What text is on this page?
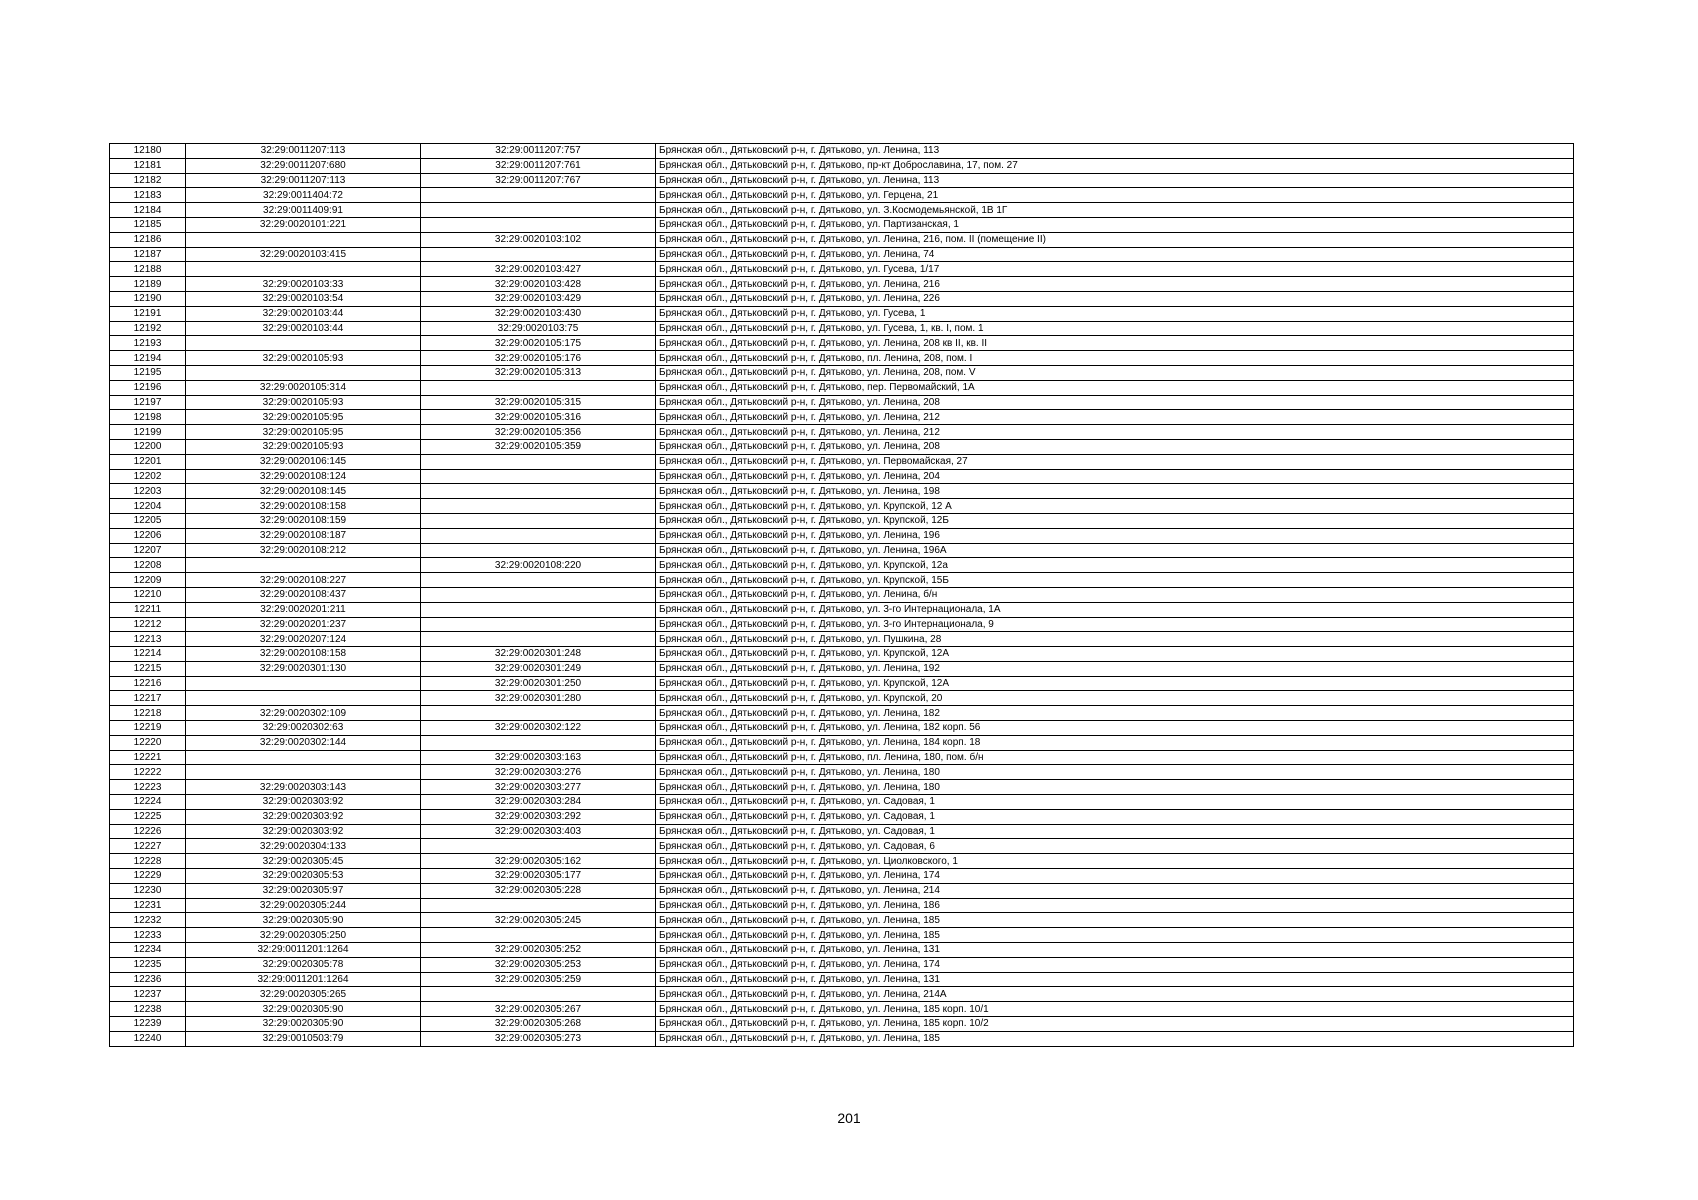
12180	32:29:0011207:113	32:29:0011207:757	Брянская обл., Дятьковский р-н, г. Дятьково, ул. Ленина, 113
12181	32:29:0011207:680	32:29:0011207:761	Брянская обл., Дятьковский р-н, г. Дятьково, пр-кт Доброславина, 17, пом. 27
12182	32:29:0011207:113	32:29:0011207:767	Брянская обл., Дятьковский р-н, г. Дятьково, ул. Ленина, 113
12183	32:29:0011404:72		Брянская обл., Дятьковский р-н, г. Дятьково, ул. Герцена, 21
12184	32:29:0011409:91		Брянская обл., Дятьковский р-н, г. Дятьково, ул. З.Космодемьянской, 1В 1Г
12185	32:29:0020101:221		Брянская обл., Дятьковский р-н, г. Дятьково, ул. Партизанская, 1
12186		32:29:0020103:102	Брянская обл., Дятьковский р-н, г. Дятьково, ул. Ленина, 216, пом. II (помещение II)
12187	32:29:0020103:415		Брянская обл., Дятьковский р-н, г. Дятьково, ул. Ленина, 74
12188		32:29:0020103:427	Брянская обл., Дятьковский р-н, г. Дятьково, ул. Гусева, 1/17
12189	32:29:0020103:33	32:29:0020103:428	Брянская обл., Дятьковский р-н, г. Дятьково, ул. Ленина, 216
12190	32:29:0020103:54	32:29:0020103:429	Брянская обл., Дятьковский р-н, г. Дятьково, ул. Ленина, 226
12191	32:29:0020103:44	32:29:0020103:430	Брянская обл., Дятьковский р-н, г. Дятьково, ул. Гусева, 1
12192	32:29:0020103:44	32:29:0020103:75	Брянская обл., Дятьковский р-н, г. Дятьково, ул. Гусева, 1, кв. I, пом. 1
12193		32:29:0020105:175	Брянская обл., Дятьковский р-н, г. Дятьково, ул. Ленина, 208 кв II, кв. II
12194	32:29:0020105:93	32:29:0020105:176	Брянская обл., Дятьковский р-н, г. Дятьково, пл. Ленина, 208, пом. I
12195		32:29:0020105:313	Брянская обл., Дятьковский р-н, г. Дятьково, ул. Ленина, 208, пом. V
12196	32:29:0020105:314		Брянская обл., Дятьковский р-н, г. Дятьково, пер. Первомайский, 1А
12197	32:29:0020105:93	32:29:0020105:315	Брянская обл., Дятьковский р-н, г. Дятьково, ул. Ленина, 208
12198	32:29:0020105:95	32:29:0020105:316	Брянская обл., Дятьковский р-н, г. Дятьково, ул. Ленина, 212
12199	32:29:0020105:95	32:29:0020105:356	Брянская обл., Дятьковский р-н, г. Дятьково, ул. Ленина, 212
12200	32:29:0020105:93	32:29:0020105:359	Брянская обл., Дятьковский р-н, г. Дятьково, ул. Ленина, 208
12201	32:29:0020106:145		Брянская обл., Дятьковский р-н, г. Дятьково, ул. Первомайская, 27
12202	32:29:0020108:124		Брянская обл., Дятьковский р-н, г. Дятьково, ул. Ленина, 204
12203	32:29:0020108:145		Брянская обл., Дятьковский р-н, г. Дятьково, ул. Ленина, 198
12204	32:29:0020108:158		Брянская обл., Дятьковский р-н, г. Дятьково, ул. Крупской, 12 А
12205	32:29:0020108:159		Брянская обл., Дятьковский р-н, г. Дятьково, ул. Крупской, 12Б
12206	32:29:0020108:187		Брянская обл., Дятьковский р-н, г. Дятьково, ул. Ленина, 196
12207	32:29:0020108:212		Брянская обл., Дятьковский р-н, г. Дятьково, ул. Ленина, 196А
12208		32:29:0020108:220	Брянская обл., Дятьковский р-н, г. Дятьково, ул. Крупской, 12а
12209	32:29:0020108:227		Брянская обл., Дятьковский р-н, г. Дятьково, ул. Крупской, 15Б
12210	32:29:0020108:437		Брянская обл., Дятьковский р-н, г. Дятьково, ул. Ленина, б/н
12211	32:29:0020201:211		Брянская обл., Дятьковский р-н, г. Дятьково, ул. 3-го Интернационала, 1А
12212	32:29:0020201:237		Брянская обл., Дятьковский р-н, г. Дятьково, ул. 3-го Интернационала, 9
12213	32:29:0020207:124		Брянская обл., Дятьковский р-н, г. Дятьково, ул. Пушкина, 28
12214	32:29:0020108:158	32:29:0020301:248	Брянская обл., Дятьковский р-н, г. Дятьково, ул. Крупской, 12А
12215	32:29:0020301:130	32:29:0020301:249	Брянская обл., Дятьковский р-н, г. Дятьково, ул. Ленина, 192
12216		32:29:0020301:250	Брянская обл., Дятьковский р-н, г. Дятьково, ул. Крупской, 12А
12217		32:29:0020301:280	Брянская обл., Дятьковский р-н, г. Дятьково, ул. Крупской, 20
12218	32:29:0020302:109		Брянская обл., Дятьковский р-н, г. Дятьково, ул. Ленина, 182
12219	32:29:0020302:63	32:29:0020302:122	Брянская обл., Дятьковский р-н, г. Дятьково, ул. Ленина, 182 корп. 56
12220	32:29:0020302:144		Брянская обл., Дятьковский р-н, г. Дятьково, ул. Ленина, 184 корп. 18
12221		32:29:0020303:163	Брянская обл., Дятьковский р-н, г. Дятьково, пл. Ленина, 180, пом. б/н
12222		32:29:0020303:276	Брянская обл., Дятьковский р-н, г. Дятьково, ул. Ленина, 180
12223	32:29:0020303:143	32:29:0020303:277	Брянская обл., Дятьковский р-н, г. Дятьково, ул. Ленина, 180
12224	32:29:0020303:92	32:29:0020303:284	Брянская обл., Дятьковский р-н, г. Дятьково, ул. Садовая, 1
12225	32:29:0020303:92	32:29:0020303:292	Брянская обл., Дятьковский р-н, г. Дятьково, ул. Садовая, 1
12226	32:29:0020303:92	32:29:0020303:403	Брянская обл., Дятьковский р-н, г. Дятьково, ул. Садовая, 1
12227	32:29:0020304:133		Брянская обл., Дятьковский р-н, г. Дятьково, ул. Садовая, 6
12228	32:29:0020305:45	32:29:0020305:162	Брянская обл., Дятьковский р-н, г. Дятьково, ул. Циолковского, 1
12229	32:29:0020305:53	32:29:0020305:177	Брянская обл., Дятьковский р-н, г. Дятьково, ул. Ленина, 174
12230	32:29:0020305:97	32:29:0020305:228	Брянская обл., Дятьковский р-н, г. Дятьково, ул. Ленина, 214
12231	32:29:0020305:244		Брянская обл., Дятьковский р-н, г. Дятьково, ул. Ленина, 186
12232	32:29:0020305:90	32:29:0020305:245	Брянская обл., Дятьковский р-н, г. Дятьково, ул. Ленина, 185
12233	32:29:0020305:250		Брянская обл., Дятьковский р-н, г. Дятьково, ул. Ленина, 185
12234	32:29:0011201:1264	32:29:0020305:252	Брянская обл., Дятьковский р-н, г. Дятьково, ул. Ленина, 131
12235	32:29:0020305:78	32:29:0020305:253	Брянская обл., Дятьковский р-н, г. Дятьково, ул. Ленина, 174
12236	32:29:0011201:1264	32:29:0020305:259	Брянская обл., Дятьковский р-н, г. Дятьково, ул. Ленина, 131
12237	32:29:0020305:265		Брянская обл., Дятьковский р-н, г. Дятьково, ул. Ленина, 214А
12238	32:29:0020305:90	32:29:0020305:267	Брянская обл., Дятьковский р-н, г. Дятьково, ул. Ленина, 185 корп. 10/1
12239	32:29:0020305:90	32:29:0020305:268	Брянская обл., Дятьковский р-н, г. Дятьково, ул. Ленина, 185 корп. 10/2
12240	32:29:0010503:79	32:29:0020305:273	Брянская обл., Дятьковский р-н, г. Дятьково, ул. Ленина, 185
201
